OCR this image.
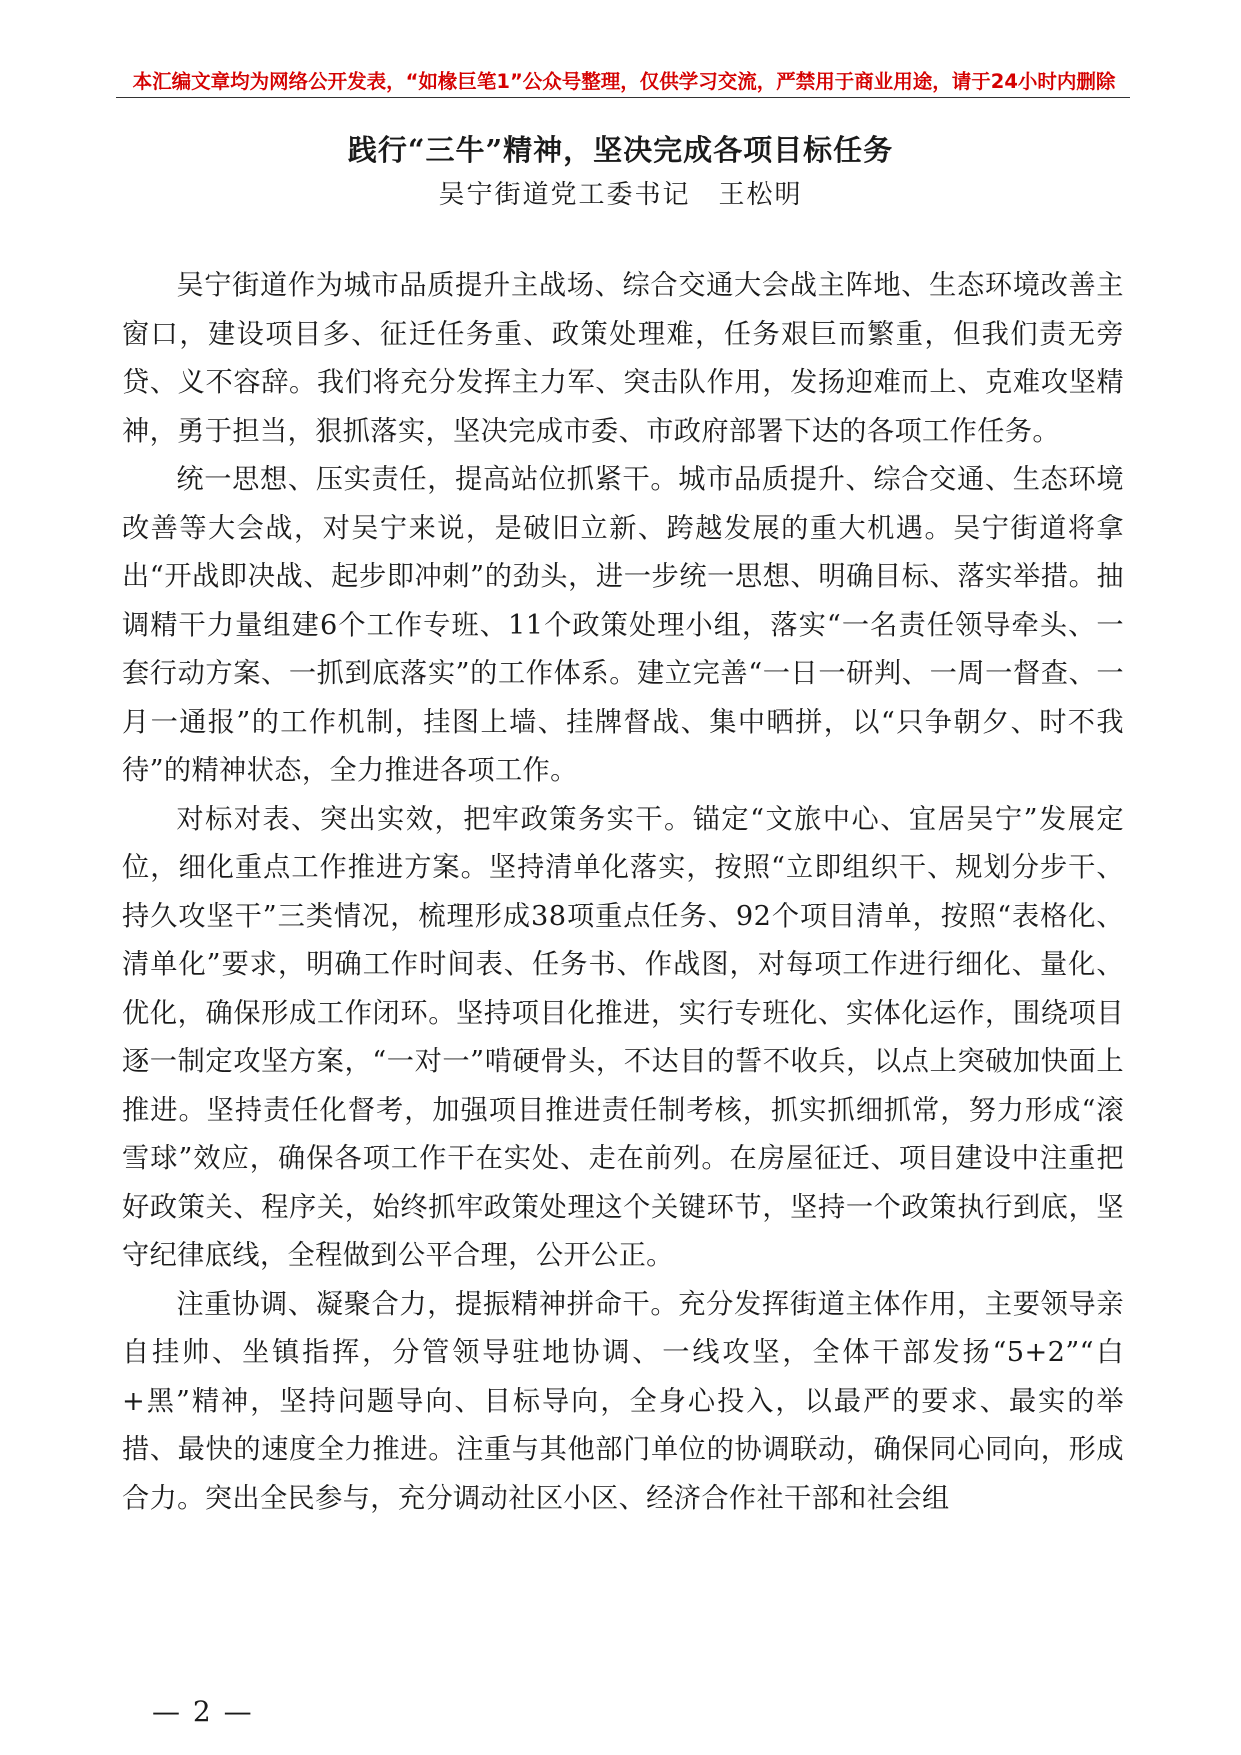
本汇编文章均为网络公开发表，“如椽巨笔1”公众号整理，仅供学习交流，严禁用于商业用途，请于24小时内删除
践行“三牛”精神，坚决完成各项目标任务
吴宁街道党工委书记　王松明

吴宁街道作为城市品质提升主战场、综合交通大会战主阵地、生态环境改善主窗口，建设项目多、征迁任务重、政策处理难，任务艰巨而繁重，但我们责无旁贷、义不容辞。我们将充分发挥主力军、突击队作用，发扬迎难而上、克难攻坚精神，勇于担当，狠抓落实，坚决完成市委、市政府部署下达的各项工作任务。

统一思想、压实责任，提高站位抓紧干。城市品质提升、综合交通、生态环境改善等大会战，对吴宁来说，是破旧立新、跨越发展的重大机遇。吴宁街道将拿出“开战即决战、起步即冲刺”的劲头，进一步统一思想、明确目标、落实举措。抽调精干力量组建6个工作专班、11个政策处理小组，落实“一名责任领导牵头、一套行动方案、一抓到底落实”的工作体系。建立完善“一日一研判、一周一督查、一月一通报”的工作机制，挂图上墙、挂牌督战、集中晒拼，以“只争朝夕、时不我待”的精神状态，全力推进各项工作。

对标对表、突出实效，把牢政策务实干。锚定“文旅中心、宜居吴宁”发展定位，细化重点工作推进方案。坚持清单化落实，按照“立即组织干、规划分步干、持久攻坚干”三类情况，梳理形成38项重点任务、92个项目清单，按照“表格化、清单化”要求，明确工作时间表、任务书、作战图，对每项工作进行细化、量化、优化，确保形成工作闭环。坚持项目化推进，实行专班化、实体化运作，围绕项目逐一制定攻坚方案，“一对一”啃硬骨头，不达目的誓不收兵，以点上突破加快面上推进。坚持责任化督考，加强项目推进责任制考核，抓实抓细抓常，努力形成“滚雪球”效应，确保各项工作干在实处、走在前列。在房屋征迁、项目建设中注重把好政策关、程序关，始终抓牢政策处理这个关键环节，坚持一个政策执行到底，坚守纪律底线，全程做到公平合理，公开公正。

注重协调、凝聚合力，提振精神拼命干。充分发挥街道主体作用，主要领导亲自挂帅、坐镇指挥，分管领导驻地协调、一线攻坚，全体干部发扬“5+2”“白+黑”精神，坚持问题导向、目标导向，全身心投入，以最严的要求、最实的举措、最快的速度全力推进。注重与其他部门单位的协调联动，确保同心同向，形成合力。突出全民参与，充分调动社区小区、经济合作社干部和社会组

— 2 —
